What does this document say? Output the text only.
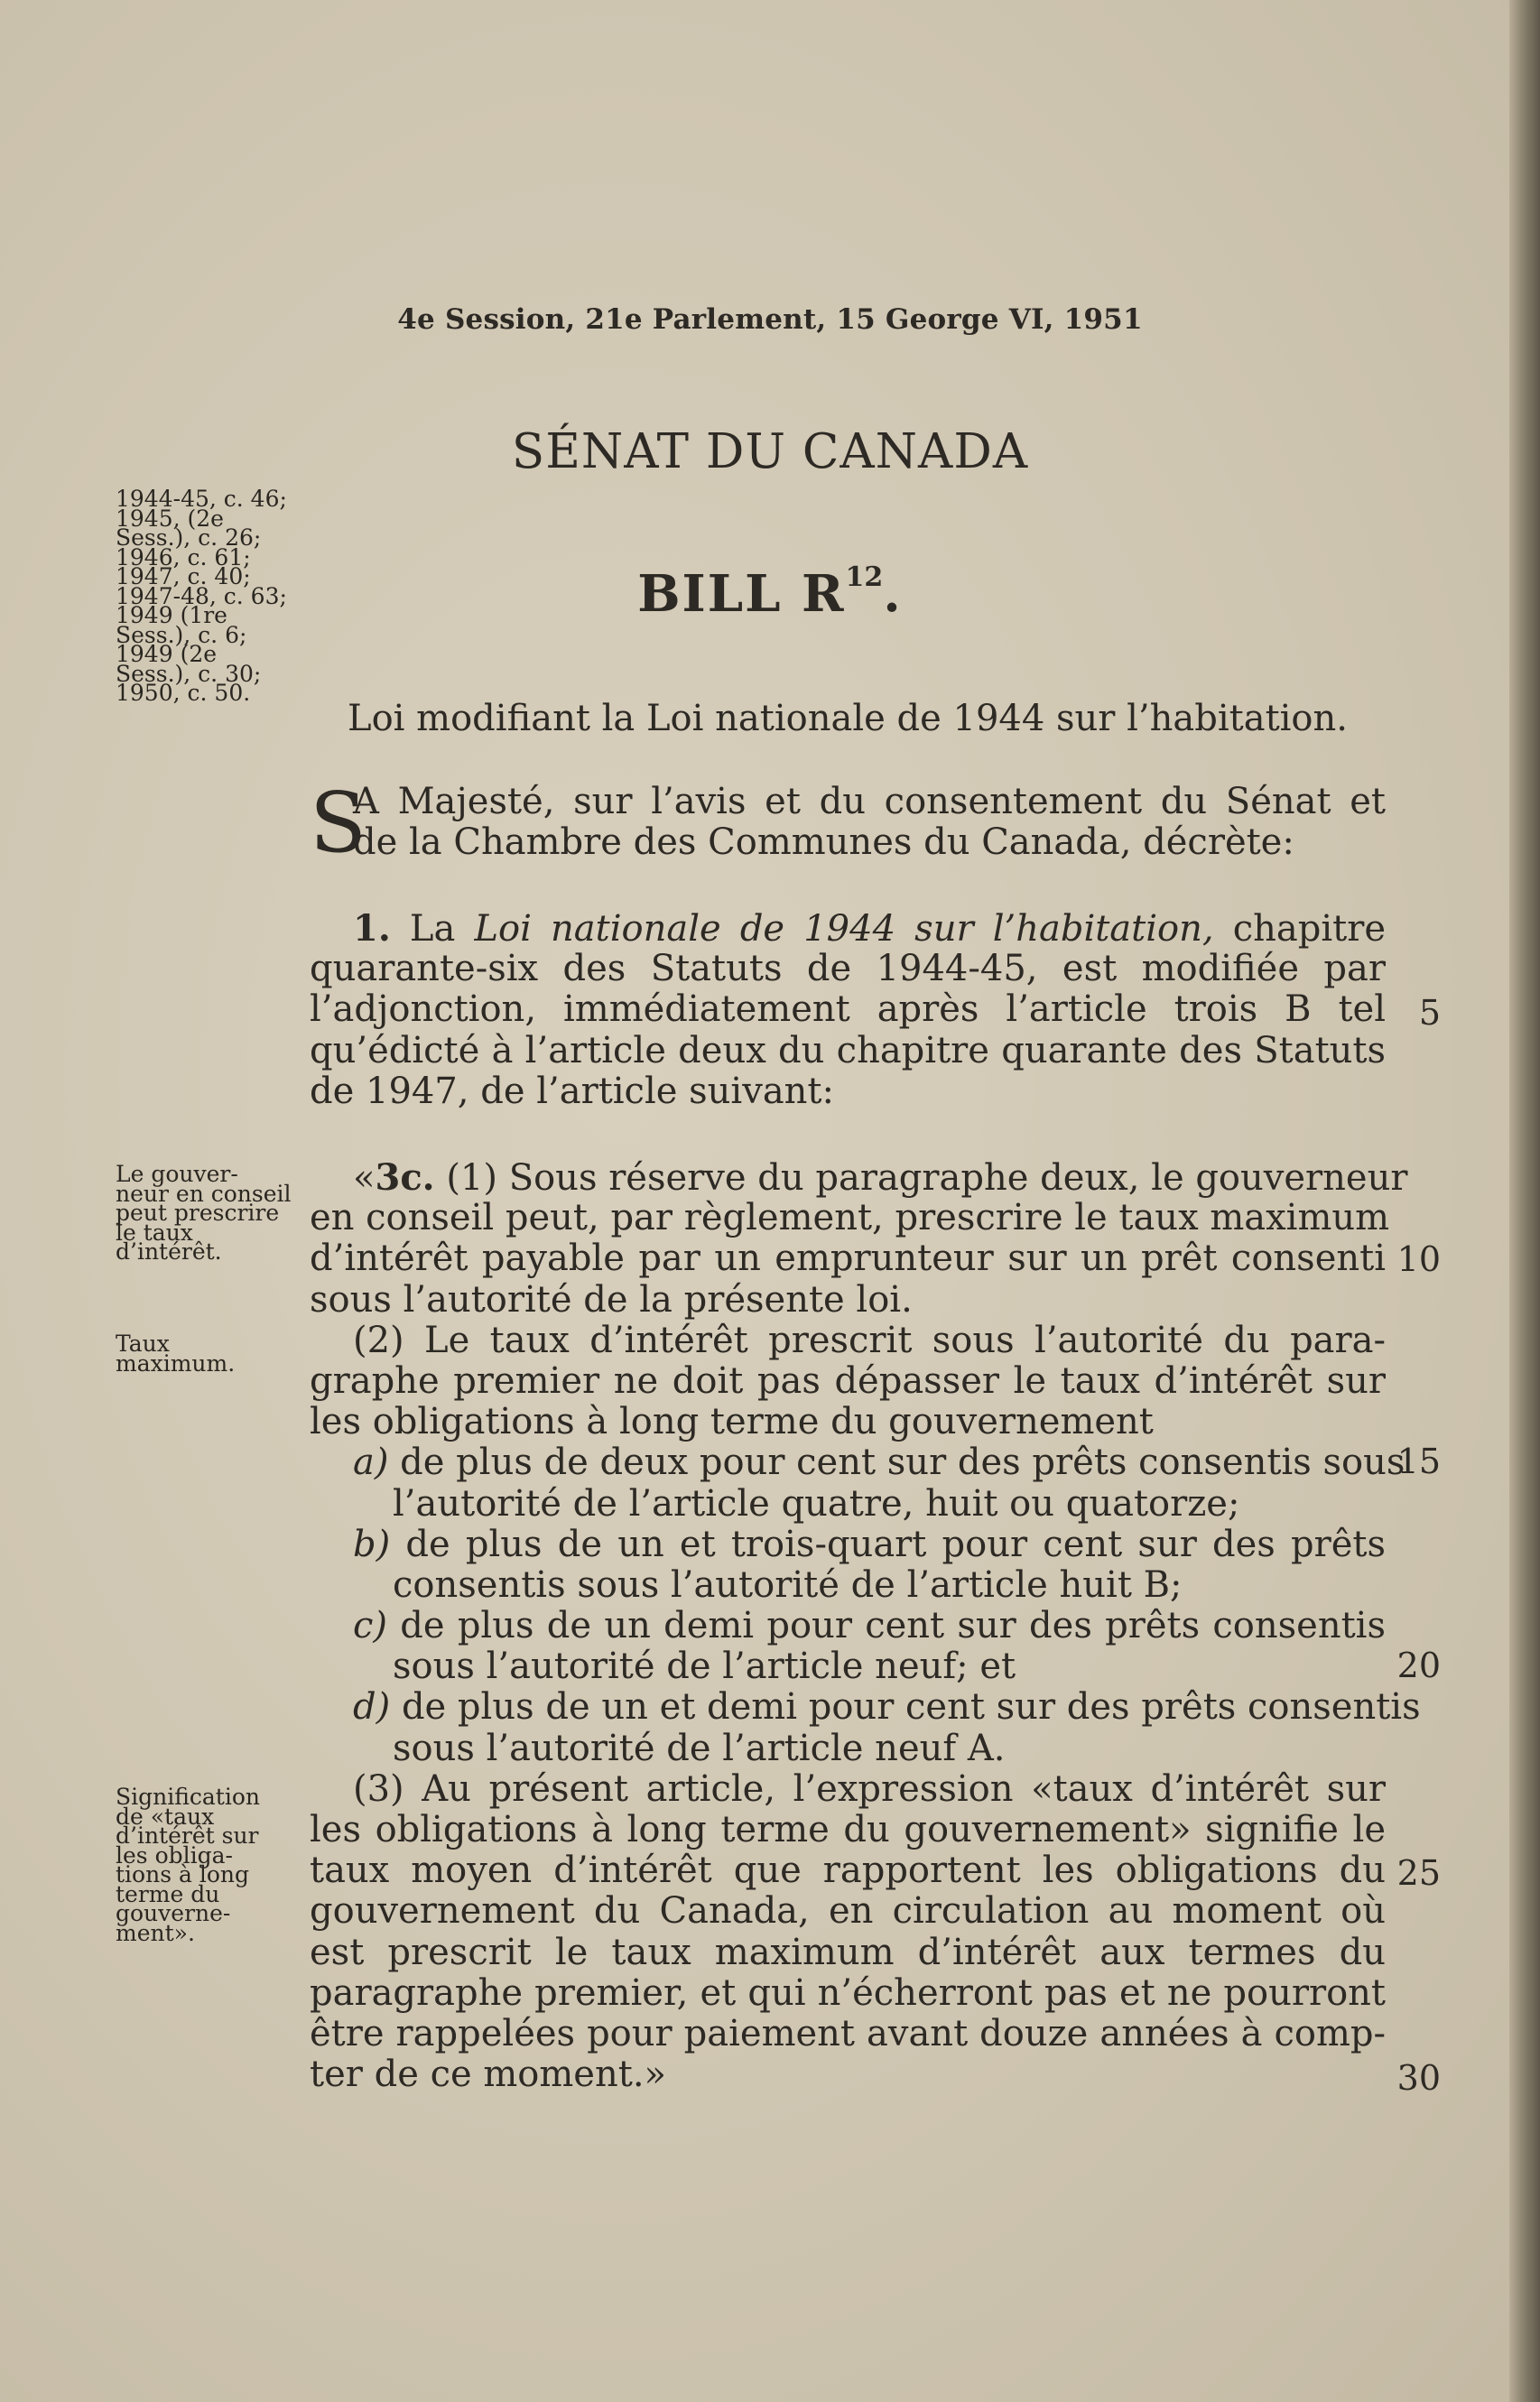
4e Session, 21e Parlement, 15 George VI, 1951
SÉNAT DU CANADA
BILL $R^{12}$.
Loi modifiant la Loi nationale de 1944 sur l’habitation.
1944-45, c. 46;
1945, (2e
Sess.), c. 26;
1946, c. 61;
1947, c. 40;
1947-48, c. 63;
1949 (1re
Sess.), c. 6;
1949 (2e
Sess.), c. 30;
1950, c. 50.
S
A Majesté, sur l’avis et du consentement du Sénat et
de la Chambre des Communes du Canada, décrète:
1. La Loi nationale de 1944 sur l’habitation, chapitre
quarante-six des Statuts de 1944-45, est modifiée par
l’adjonction, immédiatement après l’article trois B tel
qu’édicté à l’article deux du chapitre quarante des Statuts
de 1947, de l’article suivant:
Le gouver-
neur en conseil
peut prescrire
le taux
d’intérêt.
Taux
maximum.
Signification
de «taux
d’intérêt sur
les obliga-
tions à long
terme du
gouverne-
ment».
«3c. (1) Sous réserve du paragraphe deux, le gouverneur
en conseil peut, par règlement, prescrire le taux maximum
d’intérêt payable par un emprunteur sur un prêt consenti
sous l’autorité de la présente loi.
(2) Le taux d’intérêt prescrit sous l’autorité du para-
graphe premier ne doit pas dépasser le taux d’intérêt sur
les obligations à long terme du gouvernement
a) de plus de deux pour cent sur des prêts consentis sous
l’autorité de l’article quatre, huit ou quatorze;
b) de plus de un et trois-quart pour cent sur des prêts
consentis sous l’autorité de l’article huit B;
c) de plus de un demi pour cent sur des prêts consentis
sous l’autorité de l’article neuf; et
d) de plus de un et demi pour cent sur des prêts consentis
sous l’autorité de l’article neuf A.
(3) Au présent article, l’expression «taux d’intérêt sur
les obligations à long terme du gouvernement» signifie le
taux moyen d’intérêt que rapportent les obligations du
gouvernement du Canada, en circulation au moment où
est prescrit le taux maximum d’intérêt aux termes du
paragraphe premier, et qui n’écherront pas et ne pourront
être rappelées pour paiement avant douze années à comp-
ter de ce moment.»
5
10
15
20
25
30
